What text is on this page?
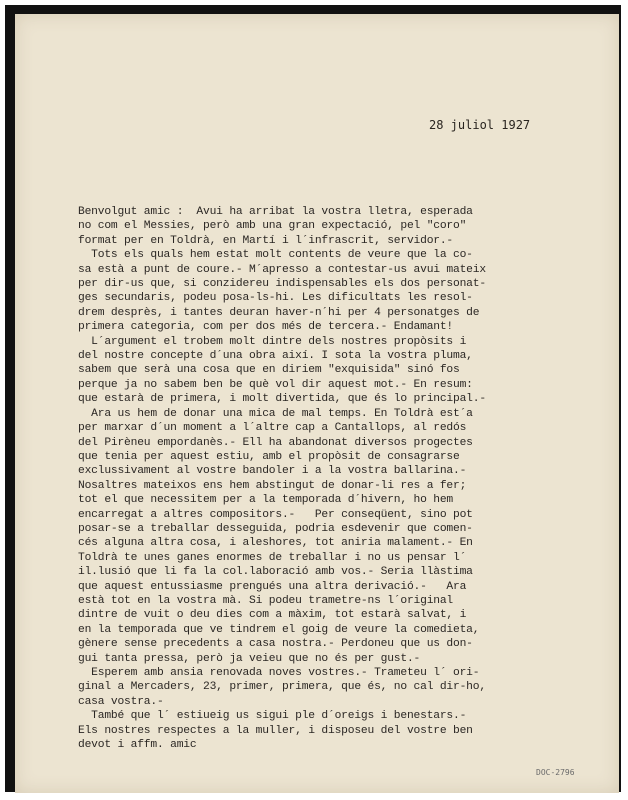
28 juliol 1927
Benvolgut amic :  Avui ha arribat la vostra lletra, esperada
no com el Messies, però amb una gran expectació, pel "coro"
format per en Toldrà, en Martí i l´infrascrit, servidor.-
Tots els quals hem estat molt contents de veure que la co-
sa està a punt de coure.- M´apresso a contestar-us avui mateix
per dir-us que, si conzidereu indispensables els dos personat-
ges secundaris, podeu posa-ls-hi. Les dificultats les resol-
drem desprès, i tantes deuran haver-n´hi per 4 personatges de
primera categoria, com per dos més de tercera.- Endamant!
L´argument el trobem molt dintre dels nostres propòsits i
del nostre concepte d´una obra així. I sota la vostra pluma,
sabem que serà una cosa que en diriem "exquisida" sinó fos
perque ja no sabem ben be què vol dir aquest mot.- En resum:
que estarà de primera, i molt divertida, que és lo principal.-
Ara us hem de donar una mica de mal temps. En Toldrà est´a
per marxar d´un moment a l´altre cap a Cantallops, al redós
del Pirèneu empordanès.- Ell ha abandonat diversos progectes
que tenia per aquest estiu, amb el propòsit de consagrarse
exclussivament al vostre bandoler i a la vostra ballarina.-
Nosaltres mateixos ens hem abstingut de donar-li res a fer;
tot el que necessitem per a la temporada d´hivern, ho hem
encarregat a altres compositors.-   Per conseqüent, sino pot
posar-se a treballar desseguida, podria esdevenir que comen-
cés alguna altra cosa, i aleshores, tot aniria malament.- En
Toldrà te unes ganes enormes de treballar i no us pensar l´
il.lusió que li fa la col.laboració amb vos.- Seria llàstima
que aquest entussiasme prengués una altra derivació.-   Ara
està tot en la vostra mà. Si podeu trametre-ns l´original
dintre de vuit o deu dies com a màxim, tot estarà salvat, i
en la temporada que ve tindrem el goig de veure la comedieta,
gènere sense precedents a casa nostra.- Perdoneu que us don-
gui tanta pressa, però ja veieu que no és per gust.-
Esperem amb ansia renovada noves vostres.- Trameteu l´ ori-
ginal a Mercaders, 23, primer, primera, que és, no cal dir-ho,
casa vostra.-
També que l´ estiueig us sigui ple d´oreigs i benestars.-
Els nostres respectes a la muller, i disposeu del vostre ben
devot i affm. amic
DOC-2796
